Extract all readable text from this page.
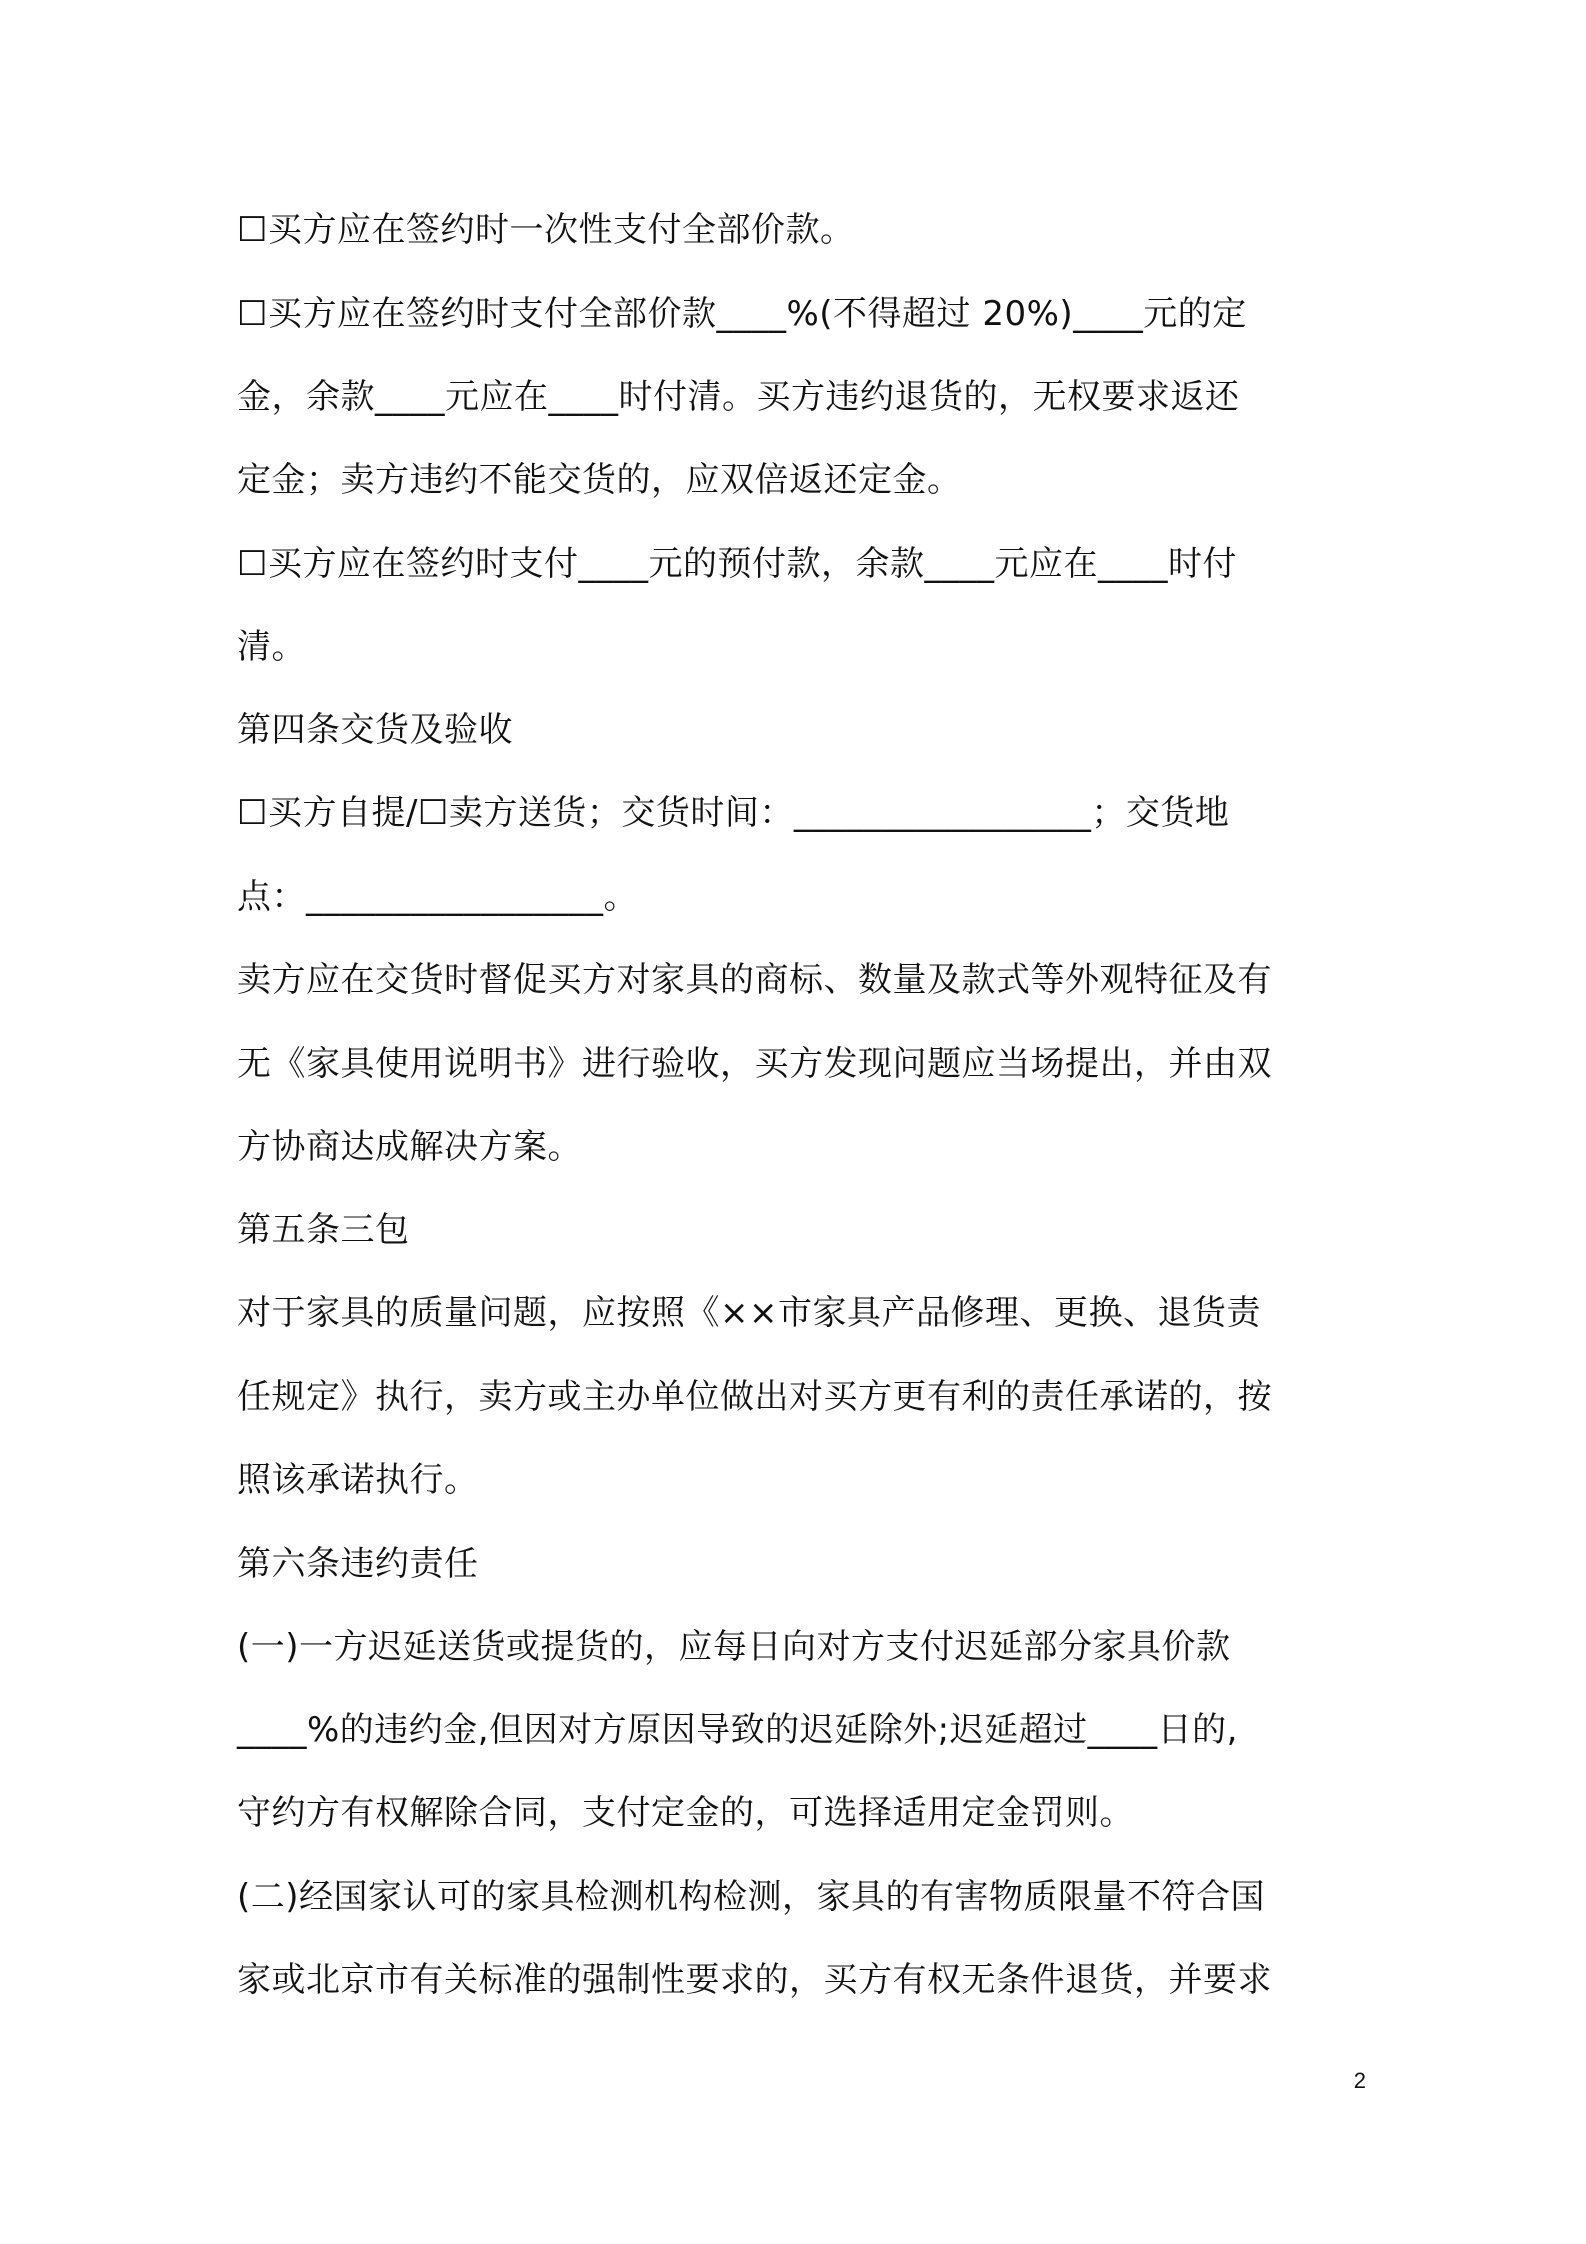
☐买方应在签约时一次性支付全部价款。
☐买方应在签约时支付全部价款____%(不得超过 20%)____元的定
金，余款____元应在____时付清。买方违约退货的，无权要求返还
定金；卖方违约不能交货的，应双倍返还定金。
☐买方应在签约时支付____元的预付款，余款____元应在____时付
清。
第四条交货及验收
☐买方自提/☐卖方送货；交货时间：_________________；交货地
点：_________________。
卖方应在交货时督促买方对家具的商标、数量及款式等外观特征及有
无《家具使用说明书》进行验收，买方发现问题应当场提出，并由双
方协商达成解决方案。
第五条三包
对于家具的质量问题，应按照《××市家具产品修理、更换、退货责
任规定》执行，卖方或主办单位做出对买方更有利的责任承诺的，按
照该承诺执行。
第六条违约责任
(一)一方迟延送货或提货的，应每日向对方支付迟延部分家具价款
____%的违约金,但因对方原因导致的迟延除外;迟延超过____日的,
守约方有权解除合同，支付定金的，可选择适用定金罚则。
(二)经国家认可的家具检测机构检测，家具的有害物质限量不符合国
家或北京市有关标准的强制性要求的，买方有权无条件退货，并要求
2
